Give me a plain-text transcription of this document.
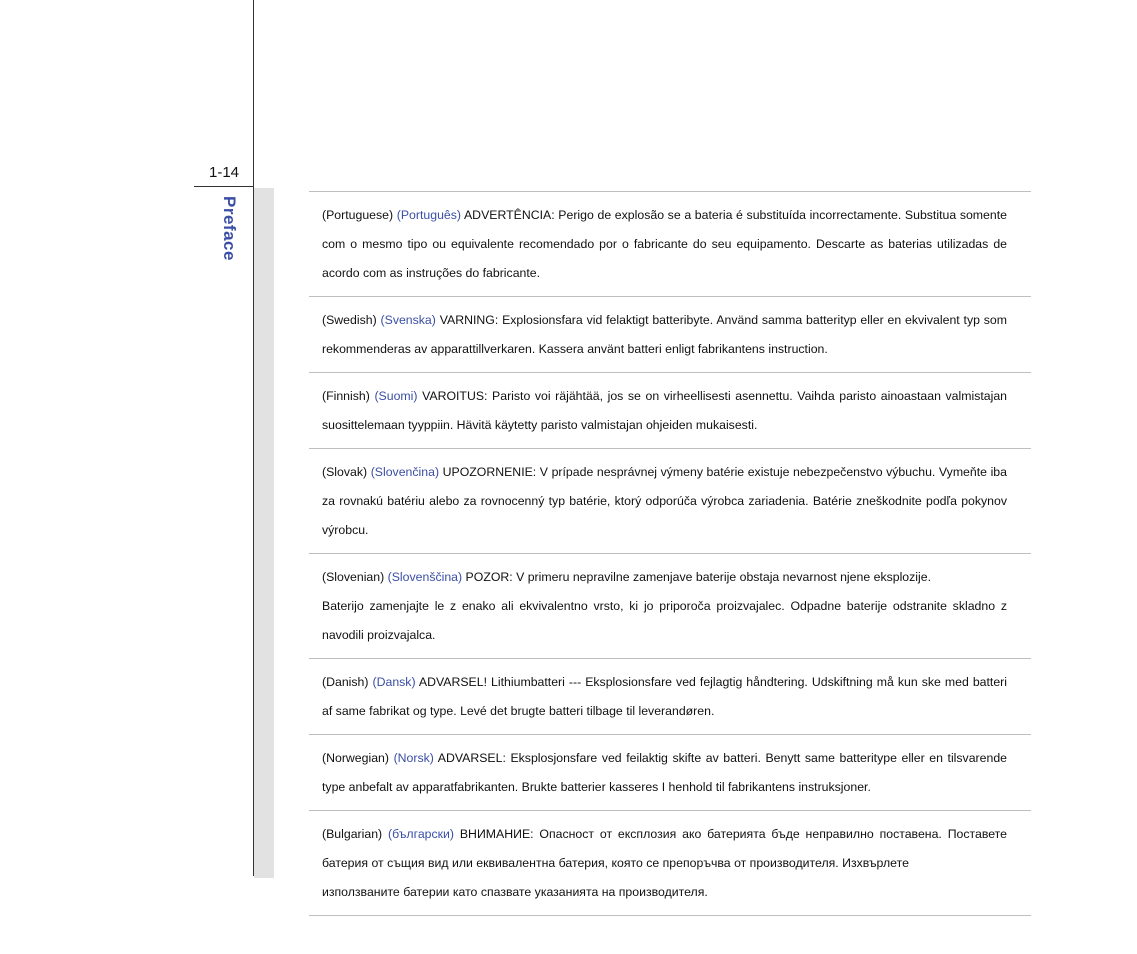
1-14
Preface	(Portuguese) (Português) ADVERTÊNCIA: Perigo de explosão se a bateria é substituída incorrectamente. Substitua somente com o mesmo tipo ou equivalente recomendado por o fabricante do seu equipamento. Descarte as baterias utilizadas de acordo com as instruções do fabricante.
(Swedish) (Svenska) VARNING: Explosionsfara vid felaktigt batteribyte. Använd samma batterityp eller en ekvivalent typ som rekommenderas av apparattillverkaren. Kassera använt batteri enligt fabrikantens instruction.
(Finnish) (Suomi) VAROITUS: Paristo voi räjähtää, jos se on virheellisesti asennettu. Vaihda paristo ainoastaan valmistajan suosittelemaan tyyppiin. Hävitä käytetty paristo valmistajan ohjeiden mukaisesti.
(Slovak) (Slovenčina) UPOZORNENIE: V prípade nesprávnej výmeny batérie existuje nebezpečenstvo výbuchu. Vymeňte iba za rovnakú batériu alebo za rovnocenný typ batérie, ktorý odporúča výrobca zariadenia. Batérie zneškodnite podľa pokynov výrobcu.
(Slovenian) (Slovenščina) POZOR: V primeru nepravilne zamenjave baterije obstaja nevarnost njene eksplozije.
Baterijo zamenjajte le z enako ali ekvivalentno vrsto, ki jo priporoča proizvajalec. Odpadne baterije odstranite skladno z navodili proizvajalca.
(Danish) (Dansk) ADVARSEL! Lithiumbatteri --- Eksplosionsfare ved fejlagtig håndtering. Udskiftning må kun ske med batteri af same fabrikat og type. Levé det brugte batteri tilbage til leverandøren.
(Norwegian) (Norsk) ADVARSEL: Eksplosjonsfare ved feilaktig skifte av batteri. Benytt same batteritype eller en tilsvarende type anbefalt av apparatfabrikanten. Brukte batterier kasseres I henhold til fabrikantens instruksjoner.
(Bulgarian) (български) ВНИМАНИЕ: Опасност от експлозия ако батерията бъде неправилно поставена. Поставете батерия от същия вид или еквивалентна батерия, която се препоръчва от производителя. Изхвърлете
използваните батерии като спазвате указанията на производителя.
